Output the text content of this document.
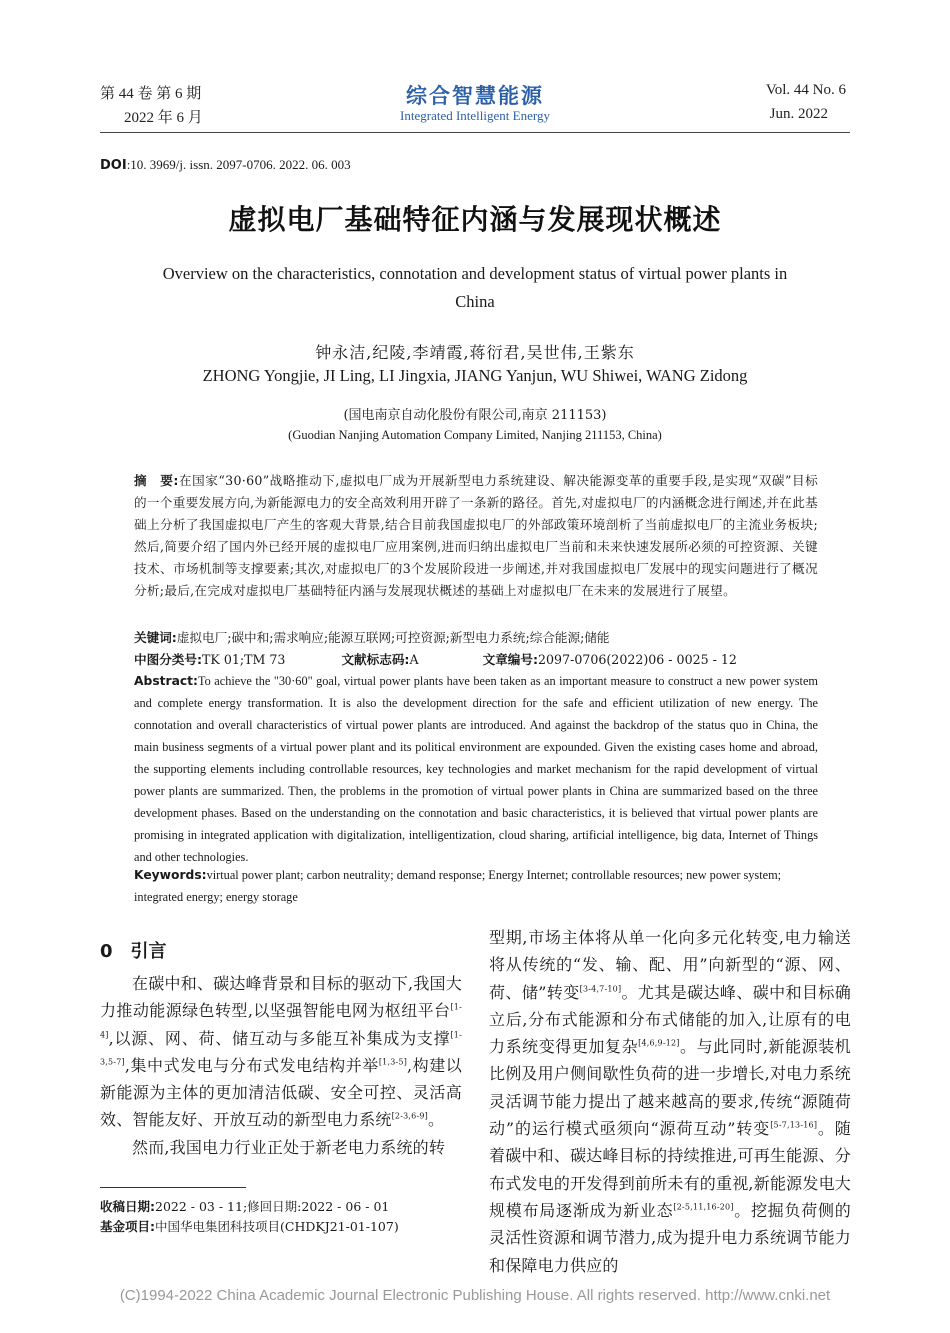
第 44 卷 第 6 期
2022 年 6 月
综合智慧能源
Integrated Intelligent Energy
Vol. 44 No. 6
Jun. 2022
DOI:10. 3969/j. issn. 2097-0706. 2022. 06. 003
虚拟电厂基础特征内涵与发展现状概述
Overview on the characteristics, connotation and development status of virtual power plants in China
钟永洁,纪陵,李靖霞,蒋衍君,吴世伟,王紫东
ZHONG Yongjie, JI Ling, LI Jingxia, JIANG Yanjun, WU Shiwei, WANG Zidong
(国电南京自动化股份有限公司,南京 211153)
(Guodian Nanjing Automation Company Limited, Nanjing 211153, China)
摘　要:在国家“30·60”战略推动下,虚拟电厂成为开展新型电力系统建设、解决能源变革的重要手段,是实现“双碳”目标的一个重要发展方向,为新能源电力的安全高效利用开辟了一条新的路径。首先,对虚拟电厂的内涵概念进行阐述,并在此基础上分析了我国虚拟电厂产生的客观大背景,结合目前我国虚拟电厂的外部政策环境剖析了当前虚拟电厂的主流业务板块;然后,简要介绍了国内外已经开展的虚拟电厂应用案例,进而归纳出虚拟电厂当前和未来快速发展所必须的可控资源、关键技术、市场机制等支撑要素;其次,对虚拟电厂的3个发展阶段进一步阐述,并对我国虚拟电厂发展中的现实问题进行了概况分析;最后,在完成对虚拟电厂基础特征内涵与发展现状概述的基础上对虚拟电厂在未来的发展进行了展望。
关键词:虚拟电厂;碳中和;需求响应;能源互联网;可控资源;新型电力系统;综合能源;储能
中图分类号:TK 01;TM 73	文献标志码:A	文章编号:2097-0706(2022)06 - 0025 - 12
Abstract:To achieve the "30·60" goal, virtual power plants have been taken as an important measure to construct a new power system and complete energy transformation. It is also the development direction for the safe and efficient utilization of new energy. The connotation and overall characteristics of virtual power plants are introduced. And against the backdrop of the status quo in China, the main business segments of a virtual power plant and its political environment are expounded. Given the existing cases home and abroad, the supporting elements including controllable resources, key technologies and market mechanism for the rapid development of virtual power plants are summarized. Then, the problems in the promotion of virtual power plants in China are summarized based on the three development phases. Based on the understanding on the connotation and basic characteristics, it is believed that virtual power plants are promising in integrated application with digitalization, intelligentization, cloud sharing, artificial intelligence, big data, Internet of Things and other technologies.
Keywords:virtual power plant; carbon neutrality; demand response; Energy Internet; controllable resources; new power system; integrated energy; energy storage
0 引言

在碳中和、碳达峰背景和目标的驱动下,我国大力推动能源绿色转型,以坚强智能电网为枢纽平台[1-4],以源、网、荷、储互动与多能互补集成为支撑[1-3,5-7],集中式发电与分布式发电结构并举[1,3-5],构建以新能源为主体的更加清洁低碳、安全可控、灵活高效、智能友好、开放互动的新型电力系统[2-3,6-9]。

然而,我国电力行业正处于新老电力系统的转

型期,市场主体将从单一化向多元化转变,电力输送将从传统的“发、输、配、用”向新型的“源、网、荷、储”转变[3-4,7-10]。尤其是碳达峰、碳中和目标确立后,分布式能源和分布式储能的加入,让原有的电力系统变得更加复杂[4,6,9-12]。与此同时,新能源装机比例及用户侧间歇性负荷的进一步增长,对电力系统灵活调节能力提出了越来越高的要求,传统“源随荷动”的运行模式亟须向“源荷互动”转变[5-7,13-16]。随着碳中和、碳达峰目标的持续推进,可再生能源、分布式发电的开发得到前所未有的重视,新能源发电大规模布局逐渐成为新业态[2-5,11,16-20]。挖掘负荷侧的灵活性资源和调节潜力,成为提升电力系统调节能力和保障电力供应的

收稿日期:2022 - 03 - 11;修回日期:2022 - 06 - 01
基金项目:中国华电集团科技项目(CHDKJ21-01-107)
(C)1994-2022 China Academic Journal Electronic Publishing House. All rights reserved. http://www.cnki.net
